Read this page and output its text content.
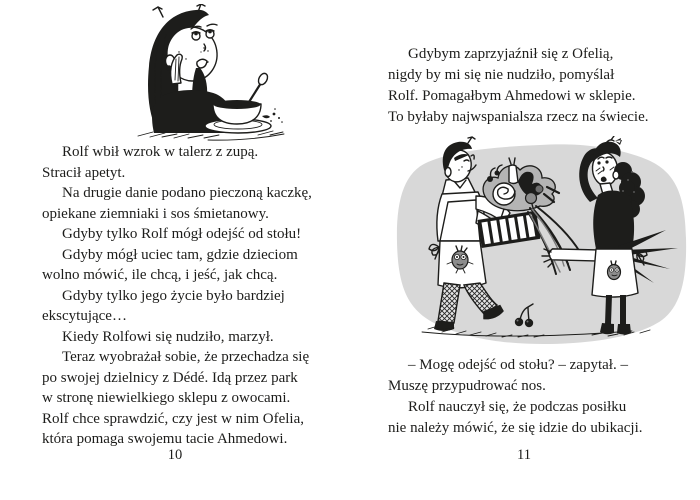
Rolf wbił wzrok w talerz z zupą.
Stracił apetyt.
Na drugie danie podano pieczoną kaczkę,
opiekane ziemniaki i sos śmietanowy.
Gdyby tylko Rolf mógł odejść od stołu!
Gdyby mógł uciec tam, gdzie dzieciom
wolno mówić, ile chcą, i jeść, jak chcą.
Gdyby tylko jego życie było bardziej
ekscytujące…
Kiedy Rolfowi się nudziło, marzył.
Teraz wyobrażał sobie, że przechadza się
po swojej dzielnicy z Dédé. Idą przez park
w stronę niewielkiego sklepu z owocami.
Rolf chce sprawdzić, czy jest w nim Ofelia,
która pomaga swojemu tacie Ahmedowi.
10
Gdybym zaprzyjaźnił się z Ofelią,
nigdy by mi się nie nudziło, pomyślał
Rolf. Pomagałbym Ahmedowi w sklepie.
To byłaby najwspanialsza rzecz na świecie.
– Mogę odejść od stołu? – zapytał. –
Muszę przypudrować nos.
Rolf nauczył się, że podczas posiłku
nie należy mówić, że się idzie do ubikacji.
11
